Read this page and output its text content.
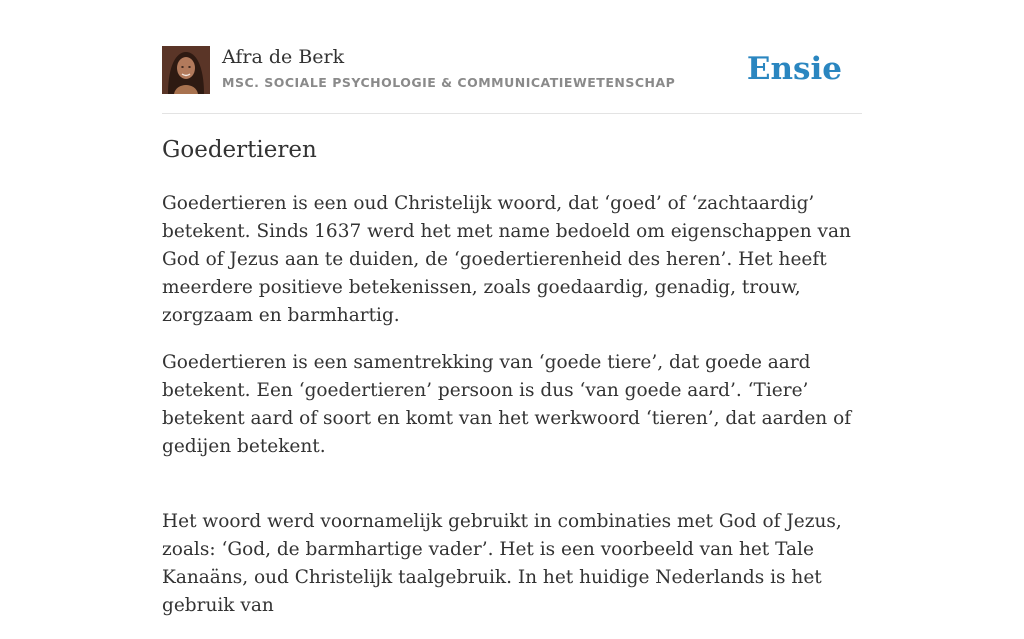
Afra de Berk
MSC. SOCIALE PSYCHOLOGIE & COMMUNICATIEWETENSCHAP Ensie
Goedertieren

Goedertieren is een oud Christelijk woord, dat ‘goed’ of ‘zachtaardig’ betekent. Sinds 1637 werd het met name bedoeld om eigenschappen van God of Jezus aan te duiden, de ‘goedertierenheid des heren’. Het heeft meerdere positieve betekenissen, zoals goedaardig, genadig, trouw, zorgzaam en barmhartig.

Goedertieren is een samentrekking van ‘goede tiere’, dat goede aard betekent. Een ‘goedertieren’ persoon is dus ‘van goede aard’. ‘Tiere’ betekent aard of soort en komt van het werkwoord ‘tieren’, dat aarden of gedijen betekent.

Het woord werd voornamelijk gebruikt in combinaties met God of Jezus, zoals: ‘God, de barmhartige vader’. Het is een voorbeeld van het Tale Kanaäns, oud Christelijk taalgebruik. In het huidige Nederlands is het gebruik van
